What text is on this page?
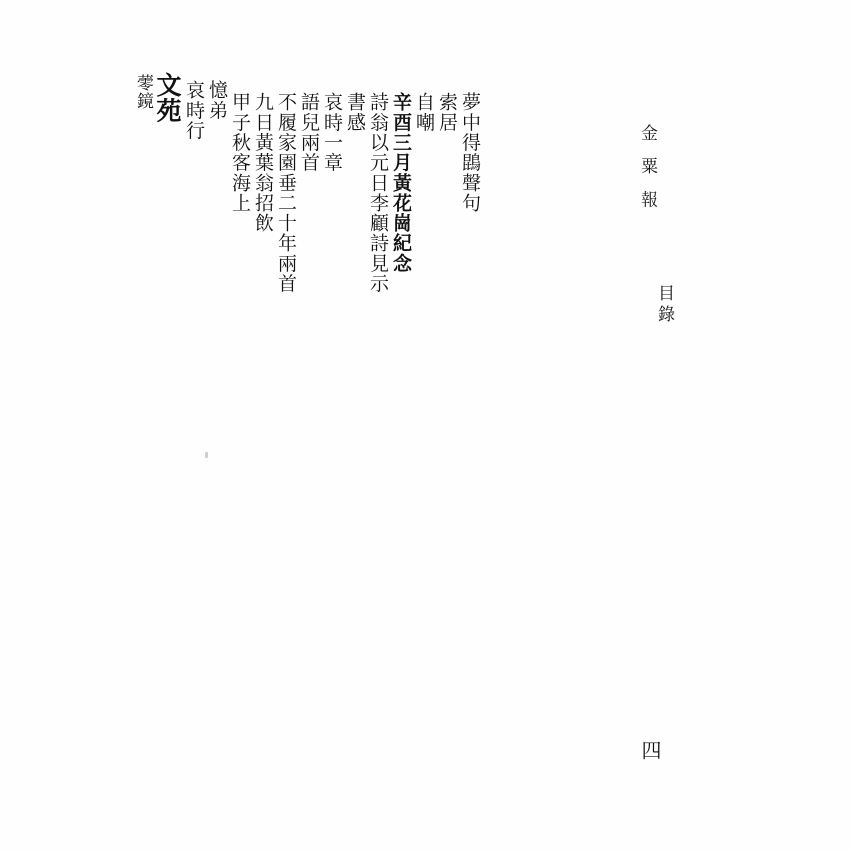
金粟報
目錄
蕶鏡 文苑 哀時行 憶弟 甲子秋客海上 九日黃葉翁招飲 不履家園垂二十年兩首 語兒兩首 哀時一章 書感 詩翁以元日李顧詩見示 辛酉三月黃花崗紀念 自嘲 索居 夢中得鵾聲句
四
